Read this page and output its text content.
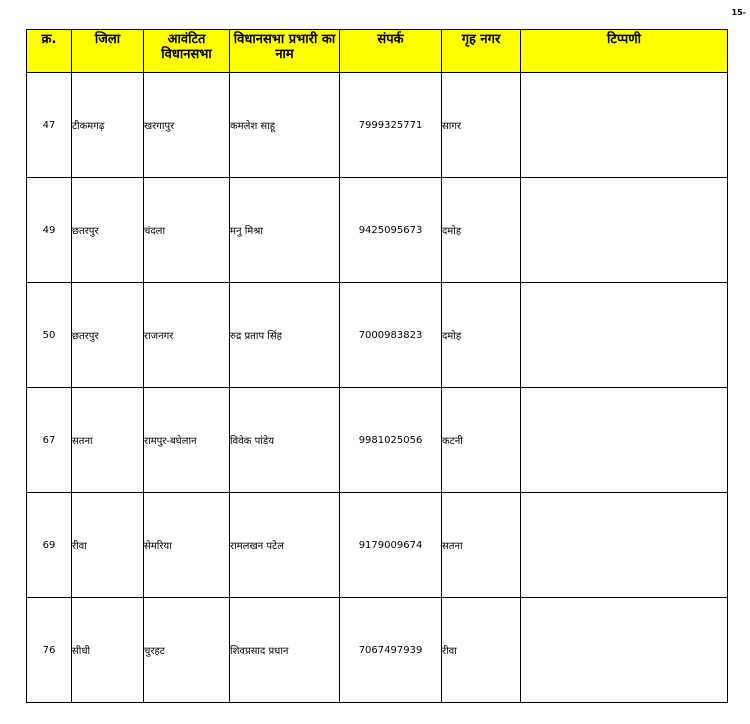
15-
क्र.	जिला	आवंटित विधानसभा	विधानसभा प्रभारी का नाम	संपर्क	गृह नगर	टिप्पणी
47	टीकमगढ़	खरगापुर	कमलेश साहू	7999325771	सागर	
49	छतरपुर	चंदला	मनु मिश्रा	9425095673	दमोह	
50	छतरपुर	राजनगर	रुद्र प्रताप सिंह	7000983823	दमोह	
67	सतना	रामपुर-बघेलान	विवेक पांडेय	9981025056	कटनी	
69	रीवा	सेमरिया	रामलखन पटेल	9179009674	सतना	
76	सीधी	चुरहट	शिवप्रसाद प्रधान	7067497939	रीवा	
